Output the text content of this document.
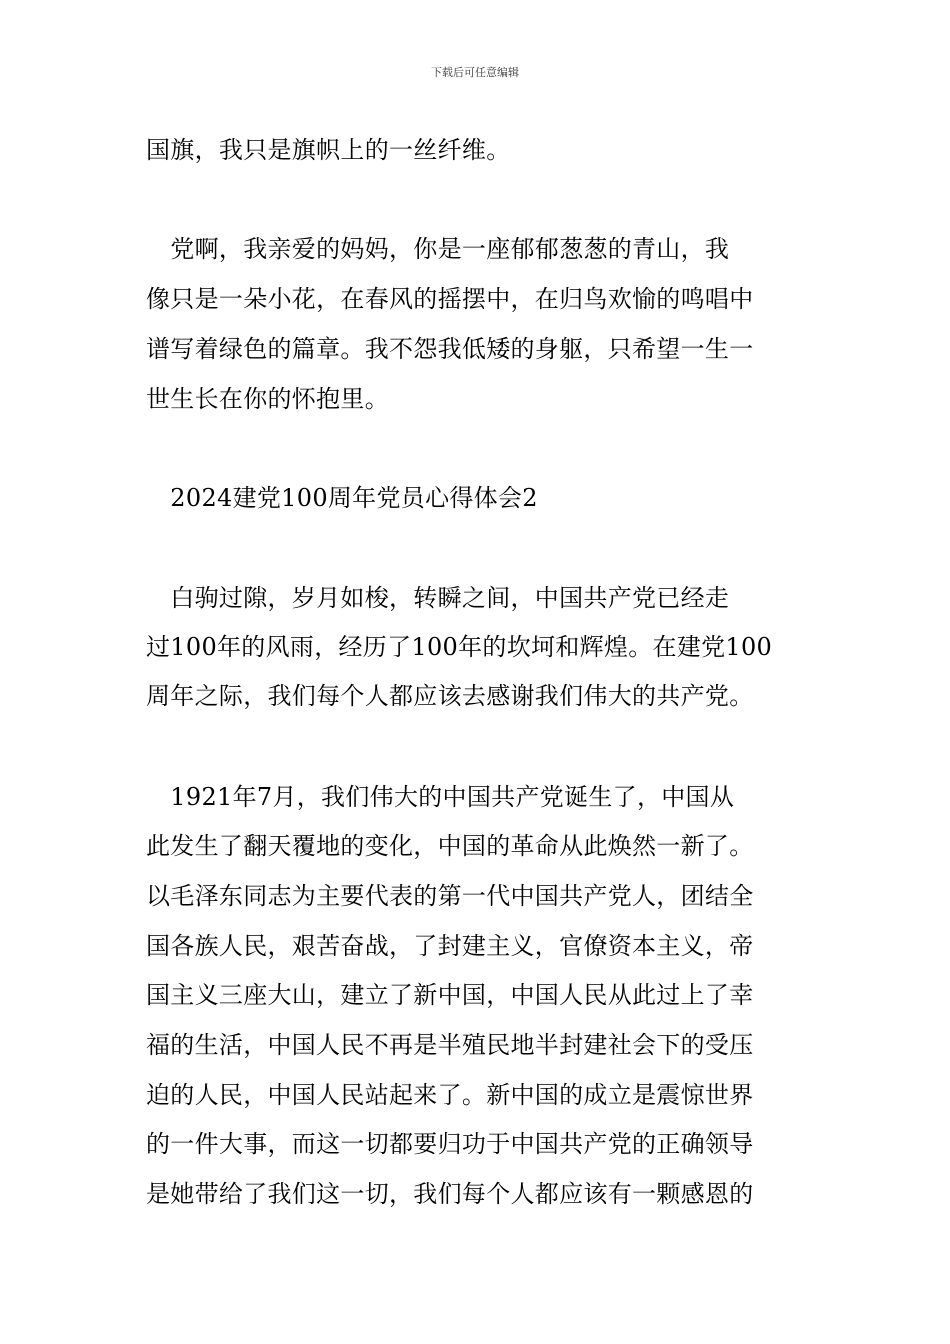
下载后可任意编辑
国旗，我只是旗帜上的一丝纤维。
　党啊，我亲爱的妈妈，你是一座郁郁葱葱的青山，我
像只是一朵小花，在春风的摇摆中，在归鸟欢愉的鸣唱中
谱写着绿色的篇章。我不怨我低矮的身躯，只希望一生一
世生长在你的怀抱里。
　2024建党100周年党员心得体会2
　白驹过隙，岁月如梭，转瞬之间，中国共产党已经走
过100年的风雨，经历了100年的坎坷和辉煌。在建党100
周年之际，我们每个人都应该去感谢我们伟大的共产党。
　1921年7月，我们伟大的中国共产党诞生了，中国从
此发生了翻天覆地的变化，中国的革命从此焕然一新了。
以毛泽东同志为主要代表的第一代中国共产党人，团结全
国各族人民，艰苦奋战，了封建主义，官僚资本主义，帝
国主义三座大山，建立了新中国，中国人民从此过上了幸
福的生活，中国人民不再是半殖民地半封建社会下的受压
迫的人民，中国人民站起来了。新中国的成立是震惊世界
的一件大事，而这一切都要归功于中国共产党的正确领导
是她带给了我们这一切，我们每个人都应该有一颗感恩的
